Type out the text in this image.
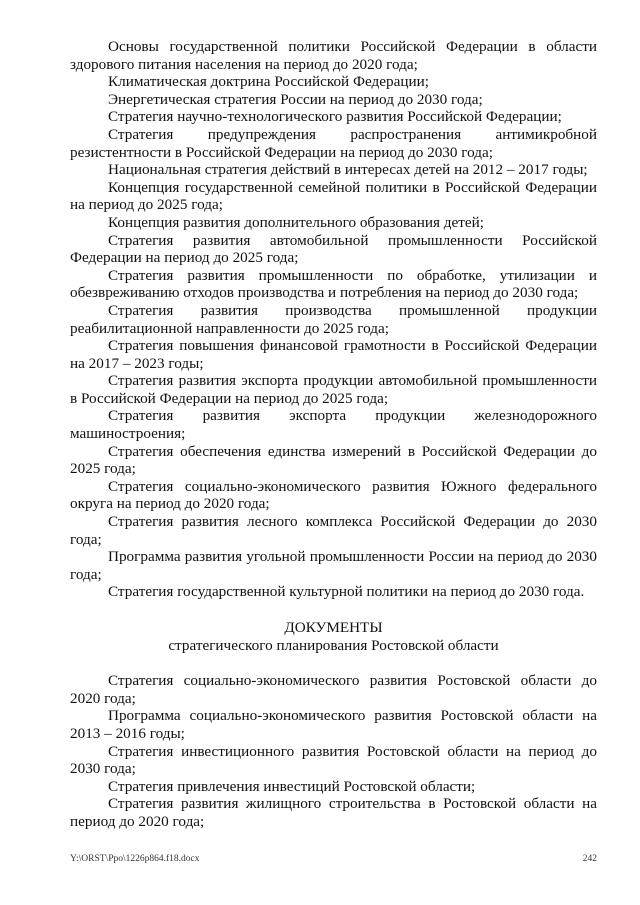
Основы государственной политики Российской Федерации в области здорового питания населения на период до 2020 года;

Климатическая доктрина Российской Федерации;

Энергетическая стратегия России на период до 2030 года;

Стратегия научно-технологического развития Российской Федерации;

Стратегия предупреждения распространения антимикробной резистентности в Российской Федерации на период до 2030 года;

Национальная стратегия действий в интересах детей на 2012 – 2017 годы;

Концепция государственной семейной политики в Российской Федерации на период до 2025 года;

Концепция развития дополнительного образования детей;

Стратегия развития автомобильной промышленности Российской Федерации на период до 2025 года;

Стратегия развития промышленности по обработке, утилизации и обезвреживанию отходов производства и потребления на период до 2030 года;

Стратегия развития производства промышленной продукции реабилитационной направленности до 2025 года;

Стратегия повышения финансовой грамотности в Российской Федерации на 2017 – 2023 годы;

Стратегия развития экспорта продукции автомобильной промышленности в Российской Федерации на период до 2025 года;

Стратегия развития экспорта продукции железнодорожного машиностроения;

Стратегия обеспечения единства измерений в Российской Федерации до 2025 года;

Стратегия социально-экономического развития Южного федерального округа на период до 2020 года;

Стратегия развития лесного комплекса Российской Федерации до 2030 года;

Программа развития угольной промышленности России на период до 2030 года;

Стратегия государственной культурной политики на период до 2030 года.

ДОКУМЕНТЫ

стратегического планирования Ростовской области

Стратегия социально-экономического развития Ростовской области до 2020 года;

Программа социально-экономического развития Ростовской области на 2013 – 2016 годы;

Стратегия инвестиционного развития Ростовской области на период до 2030 года;

Стратегия привлечения инвестиций Ростовской области;

Стратегия развития жилищного строительства в Ростовской области на период до 2020 года;

Y:\ORST\Ppo\1226p864.f18.docx	242
